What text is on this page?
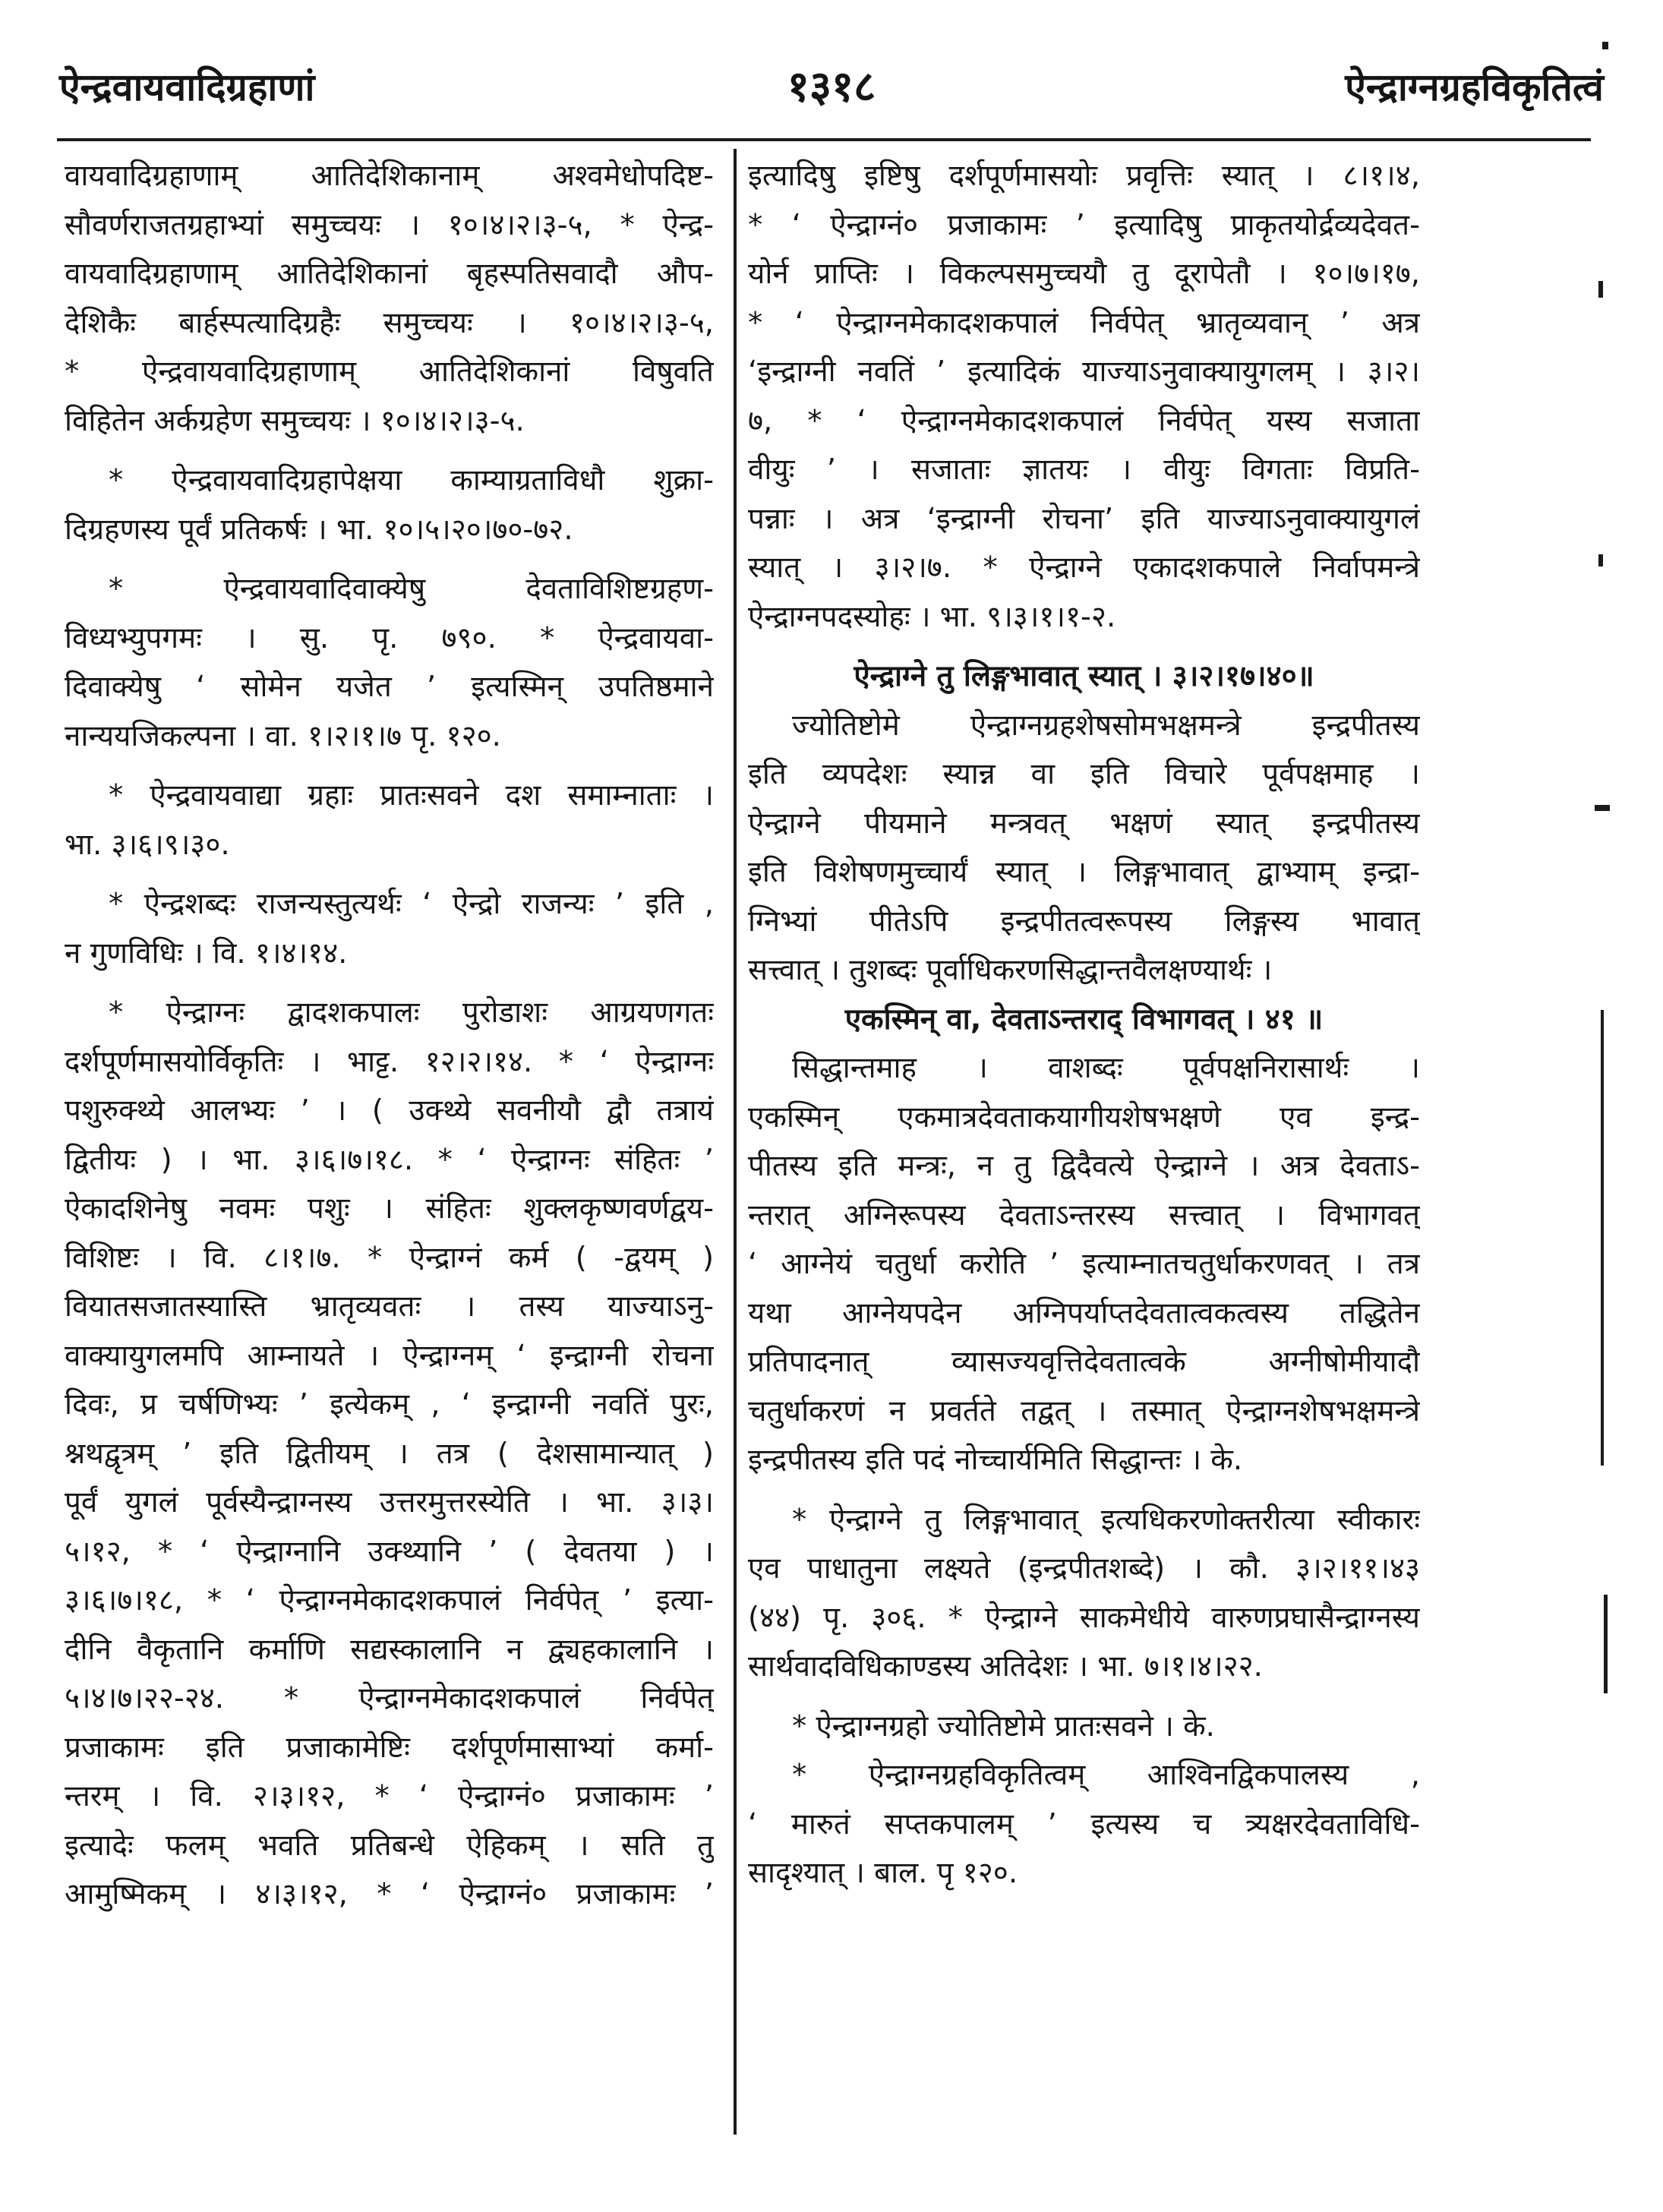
१३१८
ऐन्द्रवायवादिग्रहाणां	ऐन्द्राग्नग्रहविकृतित्वं
वायवादिग्रहाणाम् आतिदेशिकानाम् अश्वमेधोपदिष्ट-
सौवर्णराजतग्रहाभ्यां समुच्चयः । १०।४।२।३-५, * ऐन्द्र-
वायवादिग्रहाणाम् आतिदेशिकानां बृहस्पतिसवादौ औप-
देशिकैः बार्हस्पत्यादिग्रहैः समुच्चयः । १०।४।२।३-५,
* ऐन्द्रवायवादिग्रहाणाम् आतिदेशिकानां विषुवति
विहितेन अर्कग्रहेण समुच्चयः । १०।४।२।३-५.
* ऐन्द्रवायवादिग्रहापेक्षया काम्याग्रताविधौ शुक्रा-
दिग्रहणस्य पूर्वं प्रतिकर्षः । भा. १०।५।२०।७०-७२.
* ऐन्द्रवायवादिवाक्येषु देवताविशिष्टग्रहण-
विध्यभ्युपगमः । सु. पृ. ७९०. * ऐन्द्रवायवा-
दिवाक्येषु ‘ सोमेन यजेत ’ इत्यस्मिन् उपतिष्ठमाने
नान्ययजिकल्पना । वा. १।२।१।७ पृ. १२०.
* ऐन्द्रवायवाद्या ग्रहाः प्रातःसवने दश समाम्नाताः ।
भा. ३।६।९।३०.
* ऐन्द्रशब्दः राजन्यस्तुत्यर्थः ‘ ऐन्द्रो राजन्यः ’ इति ,
न गुणविधिः । वि. १।४।१४.
* ऐन्द्राग्नः द्वादशकपालः पुरोडाशः आग्रयणगतः
दर्शपूर्णमासयोर्विकृतिः । भाट्ट. १२।२।१४. * ‘ ऐन्द्राग्नः
पशुरुक्थ्ये आलभ्यः ’ । ( उक्थ्ये सवनीयौ द्वौ तत्रायं
द्वितीयः ) । भा. ३।६।७।१८. * ‘ ऐन्द्राग्नः संहितः ’
ऐकादशिनेषु नवमः पशुः । संहितः शुक्लकृष्णवर्णद्वय-
विशिष्टः । वि. ८।१।७. * ऐन्द्राग्नं कर्म ( -द्वयम् )
वियातसजातस्यास्ति भ्रातृव्यवतः । तस्य याज्याऽनु-
वाक्यायुगलमपि आम्नायते । ऐन्द्राग्नम् ‘ इन्द्राग्नी रोचना
दिवः, प्र चर्षणिभ्यः ’ इत्येकम् , ‘ इन्द्राग्नी नवतिं पुरः,
श्नथद्वृत्रम् ’ इति द्वितीयम् । तत्र ( देशसामान्यात् )
पूर्वं युगलं पूर्वस्यैन्द्राग्नस्य उत्तरमुत्तरस्येति । भा. ३।३।
५।१२, * ‘ ऐन्द्राग्नानि उक्थ्यानि ’ ( देवतया ) ।
३।६।७।१८, * ‘ ऐन्द्राग्नमेकादशकपालं निर्वपेत् ’ इत्या-
दीनि वैकृतानि कर्माणि सद्यस्कालानि न द्व्यहकालानि ।
५।४।७।२२-२४. * ऐन्द्राग्नमेकादशकपालं निर्वपेत्
प्रजाकामः इति प्रजाकामेष्टिः दर्शपूर्णमासाभ्यां कर्मा-
न्तरम् । वि. २।३।१२, * ‘ ऐन्द्राग्नं० प्रजाकामः ’
इत्यादेः फलम् भवति प्रतिबन्धे ऐहिकम् । सति तु
आमुष्मिकम् । ४।३।१२, * ‘ ऐन्द्राग्नं० प्रजाकामः ’
इत्यादिषु इष्टिषु दर्शपूर्णमासयोः प्रवृत्तिः स्यात् । ८।१।४,
* ‘ ऐन्द्राग्नं० प्रजाकामः ’ इत्यादिषु प्राकृतयोर्द्रव्यदेवत-
योर्न प्राप्तिः । विकल्पसमुच्चयौ तु दूरापेतौ । १०।७।१७,
* ‘ ऐन्द्राग्नमेकादशकपालं निर्वपेत् भ्रातृव्यवान् ’ अत्र
‘इन्द्राग्नी नवतिं ’ इत्यादिकं याज्याऽनुवाक्यायुगलम् । ३।२।
७, * ‘ ऐन्द्राग्नमेकादशकपालं निर्वपेत् यस्य सजाता
वीयुः ’ । सजाताः ज्ञातयः । वीयुः विगताः विप्रति-
पन्नाः । अत्र ‘इन्द्राग्नी रोचना’ इति याज्याऽनुवाक्यायुगलं
स्यात् । ३।२।७. * ऐन्द्राग्ने एकादशकपाले निर्वापमन्त्रे
ऐन्द्राग्नपदस्योहः । भा. ९।३।१।१-२.
ऐन्द्राग्ने तु लिङ्गभावात् स्यात् । ३।२।१७।४०॥
ज्योतिष्टोमे ऐन्द्राग्नग्रहशेषसोमभक्षमन्त्रे इन्द्रपीतस्य
इति व्यपदेशः स्यान्न वा इति विचारे पूर्वपक्षमाह ।
ऐन्द्राग्ने पीयमाने मन्त्रवत् भक्षणं स्यात् इन्द्रपीतस्य
इति विशेषणमुच्चार्यं स्यात् । लिङ्गभावात् द्वाभ्याम् इन्द्रा-
ग्निभ्यां पीतेऽपि इन्द्रपीतत्वरूपस्य लिङ्गस्य भावात्
सत्त्वात् । तुशब्दः पूर्वाधिकरणसिद्धान्तवैलक्षण्यार्थः ।
एकस्मिन् वा, देवताऽन्तराद् विभागवत् । ४१ ॥
सिद्धान्तमाह । वाशब्दः पूर्वपक्षनिरासार्थः ।
एकस्मिन् एकमात्रदेवताकयागीयशेषभक्षणे एव इन्द्र-
पीतस्य इति मन्त्रः, न तु द्विदैवत्ये ऐन्द्राग्ने । अत्र देवताऽ-
न्तरात् अग्निरूपस्य देवताऽन्तरस्य सत्त्वात् । विभागवत्
‘ आग्नेयं चतुर्धा करोति ’ इत्याम्नातचतुर्धाकरणवत् । तत्र
यथा आग्नेयपदेन अग्निपर्याप्तदेवतात्वकत्वस्य तद्धितेन
प्रतिपादनात् व्यासज्यवृत्तिदेवतात्वके अग्नीषोमीयादौ
चतुर्धाकरणं न प्रवर्तते तद्वत् । तस्मात् ऐन्द्राग्नशेषभक्षमन्त्रे
इन्द्रपीतस्य इति पदं नोच्चार्यमिति सिद्धान्तः । के.
* ऐन्द्राग्ने तु लिङ्गभावात् इत्यधिकरणोक्तरीत्या स्वीकारः
एव पाधातुना लक्ष्यते (इन्द्रपीतशब्दे) । कौ. ३।२।११।४३
(४४) पृ. ३०६. * ऐन्द्राग्ने साकमेधीये वारुणप्रघासैन्द्राग्नस्य
सार्थवादविधिकाण्डस्य अतिदेशः । भा. ७।१।४।२२.
* ऐन्द्राग्नग्रहो ज्योतिष्टोमे प्रातःसवने । के.
* ऐन्द्राग्नग्रहविकृतित्वम् आश्विनद्विकपालस्य ,
‘ मारुतं सप्तकपालम् ’ इत्यस्य च त्र्यक्षरदेवताविधि-
सादृश्यात् । बाल. पृ १२०.
